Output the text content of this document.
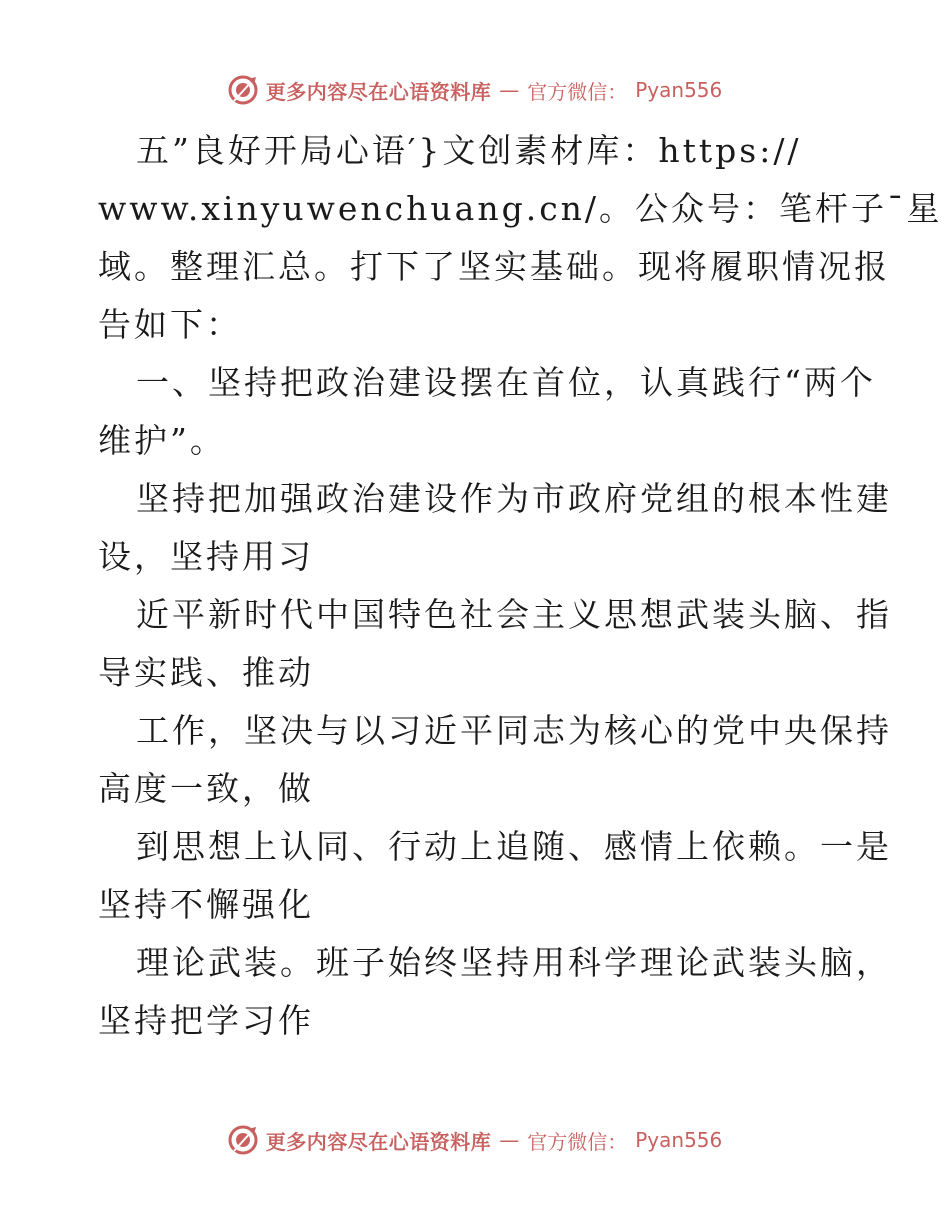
更多内容尽在心语资料库 — 官方微信： Pyan556
五”良好开局心语′}文创素材库：https://
www.xinyuwenchuang.cn/。公众号：笔杆子¯星
域。整理汇总。打下了坚实基础。现将履职情况报
告如下：
一、坚持把政治建设摆在首位，认真践行“两个
维护”。
坚持把加强政治建设作为市政府党组的根本性建
设，坚持用习
近平新时代中国特色社会主义思想武装头脑、指
导实践、推动
工作，坚决与以习近平同志为核心的党中央保持
高度一致，做
到思想上认同、行动上追随、感情上依赖。一是
坚持不懈强化
理论武装。班子始终坚持用科学理论武装头脑，
坚持把学习作
更多内容尽在心语资料库 — 官方微信： Pyan556
